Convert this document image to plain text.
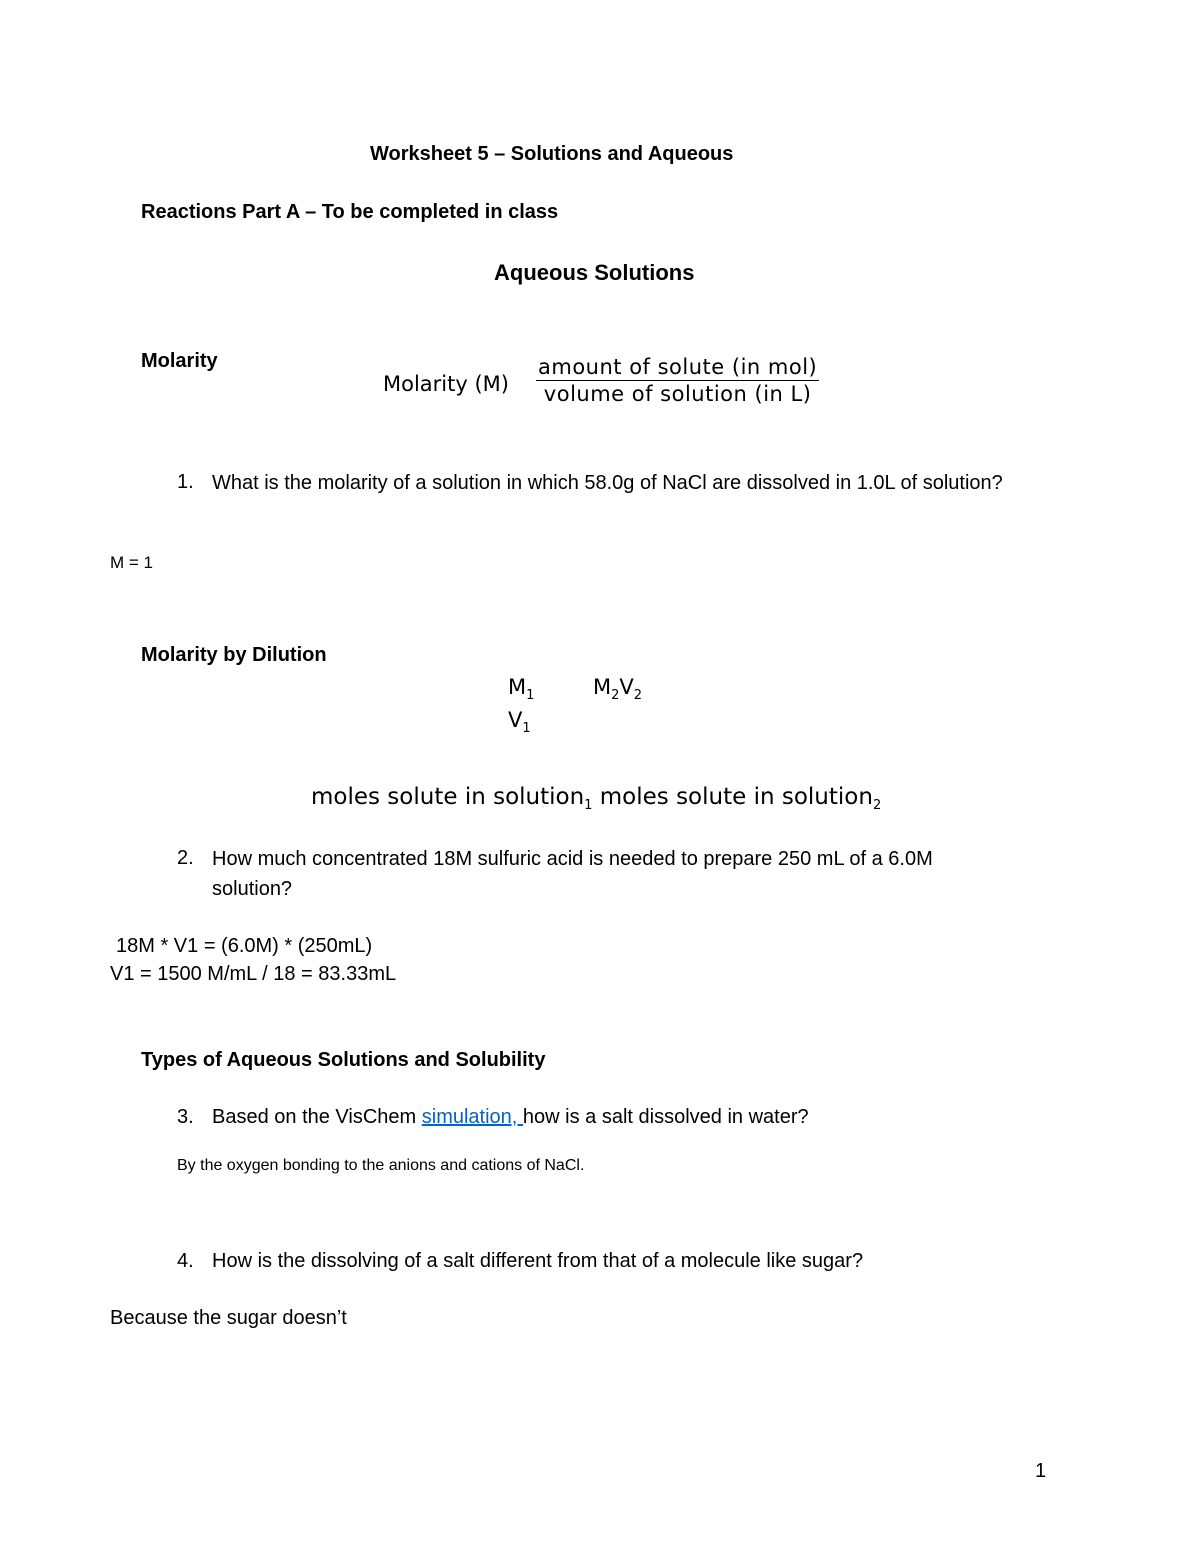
Worksheet 5 – Solutions and Aqueous
Reactions Part A – To be completed in class
Aqueous Solutions
Molarity
Molarity (M)
amount of solute (in mol)
volume of solution (in L)
1. What is the molarity of a solution in which 58.0g of NaCl are dissolved in 1.0L of solution?
M = 1
Molarity by Dilution
$M_1$
$V_1$
$M_2V_2$
moles solute in solution$_1$ moles solute in solution$_2$
2. How much concentrated 18M sulfuric acid is needed to prepare 250 mL of a 6.0M solution?
18M * V1 = (6.0M) * (250mL)
V1 = 1500 M/mL / 18 = 83.33mL
Types of Aqueous Solutions and Solubility
3. Based on the VisChem simulation, how is a salt dissolved in water?
By the oxygen bonding to the anions and cations of NaCl.
4. How is the dissolving of a salt different from that of a molecule like sugar?
Because the sugar doesn’t
1
